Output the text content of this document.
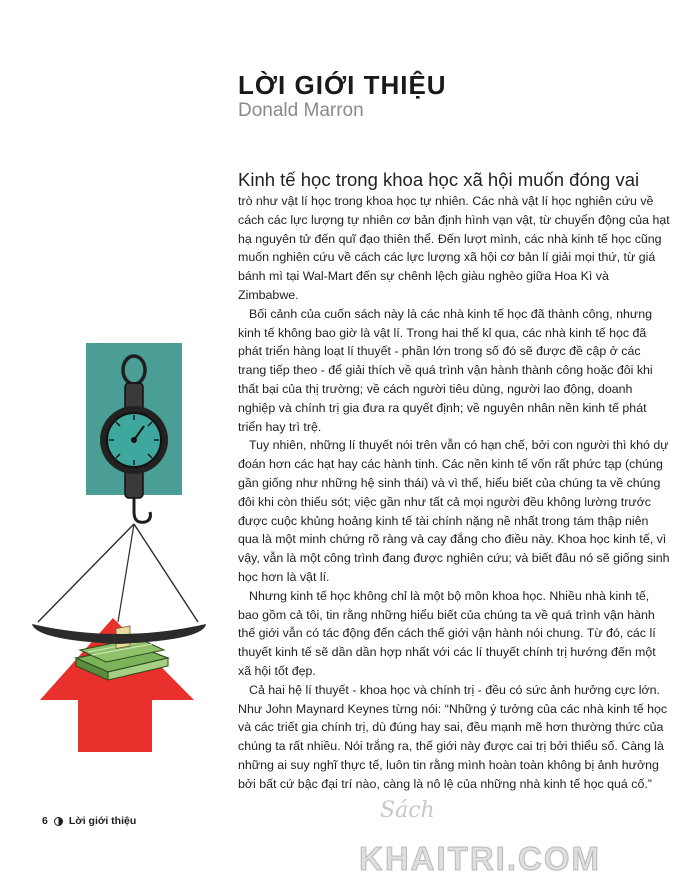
LỜI GIỚI THIỆU
Donald Marron
Kinh tế học trong khoa học xã hội muốn đóng vai

trò như vật lí học trong khoa học tự nhiên. Các nhà vật lí học nghiên cứu về cách các lực lượng tự nhiên cơ bản định hình vạn vật, từ chuyển động của hạt hạ nguyên tử đến quĩ đạo thiên thể. Đến lượt mình, các nhà kinh tế học cũng muốn nghiên cứu về cách các lực lượng xã hội cơ bản lí giải mọi thứ, từ giá bánh mì tại Wal-Mart đến sự chênh lệch giàu nghèo giữa Hoa Kì và Zimbabwe.

Bối cảnh của cuốn sách này là các nhà kinh tế học đã thành công, nhưng kinh tế không bao giờ là vật lí. Trong hai thế kỉ qua, các nhà kinh tế học đã phát triển hàng loạt lí thuyết - phần lớn trong số đó sẽ được đề cập ở các trang tiếp theo - để giải thích về quá trình vận hành thành công hoặc đôi khi thất bại của thị trường; về cách người tiêu dùng, người lao động, doanh nghiệp và chính trị gia đưa ra quyết định; về nguyên nhân nền kinh tế phát triển hay trì trệ.

Tuy nhiên, những lí thuyết nói trên vẫn có hạn chế, bởi con người thì khó dự đoán hơn các hạt hay các hành tinh. Các nền kinh tế vốn rất phức tạp (chúng gần giống như những hệ sinh thái) và vì thế, hiểu biết của chúng ta về chúng đôi khi còn thiếu sót; việc gần như tất cả mọi người đều không lường trước được cuộc khủng hoảng kinh tế tài chính nặng nề nhất trong tám thập niên qua là một minh chứng rõ ràng và cay đắng cho điều này. Khoa học kinh tế, vì vậy, vẫn là một công trình đang được nghiên cứu; và biết đâu nó sẽ giống sinh học hơn là vật lí.

Nhưng kinh tế học không chỉ là một bộ môn khoa học. Nhiều nhà kinh tế, bao gồm cả tôi, tin rằng những hiểu biết của chúng ta về quá trình vận hành thế giới vẫn có tác động đến cách thế giới vận hành nói chung. Từ đó, các lí thuyết kinh tế sẽ dần dần hợp nhất với các lí thuyết chính trị hướng đến một xã hội tốt đẹp.

Cả hai hệ lí thuyết - khoa học và chính trị - đều có sức ảnh hưởng cực lớn. Như John Maynard Keynes từng nói: “Những ý tưởng của các nhà kinh tế học và các triết gia chính trị, dù đúng hay sai, đều mạnh mẽ hơn thường thức của chúng ta rất nhiều. Nói trắng ra, thế giới này được cai trị bởi thiểu số. Càng là những ai suy nghĩ thực tế, luôn tin rằng mình hoàn toàn không bị ảnh hưởng bởi bất cứ bậc đại trí nào, càng là nô lệ của những nhà kinh tế học quá cố.”

6 Lời giới thiệu	Sách
KHAITRI.COM
